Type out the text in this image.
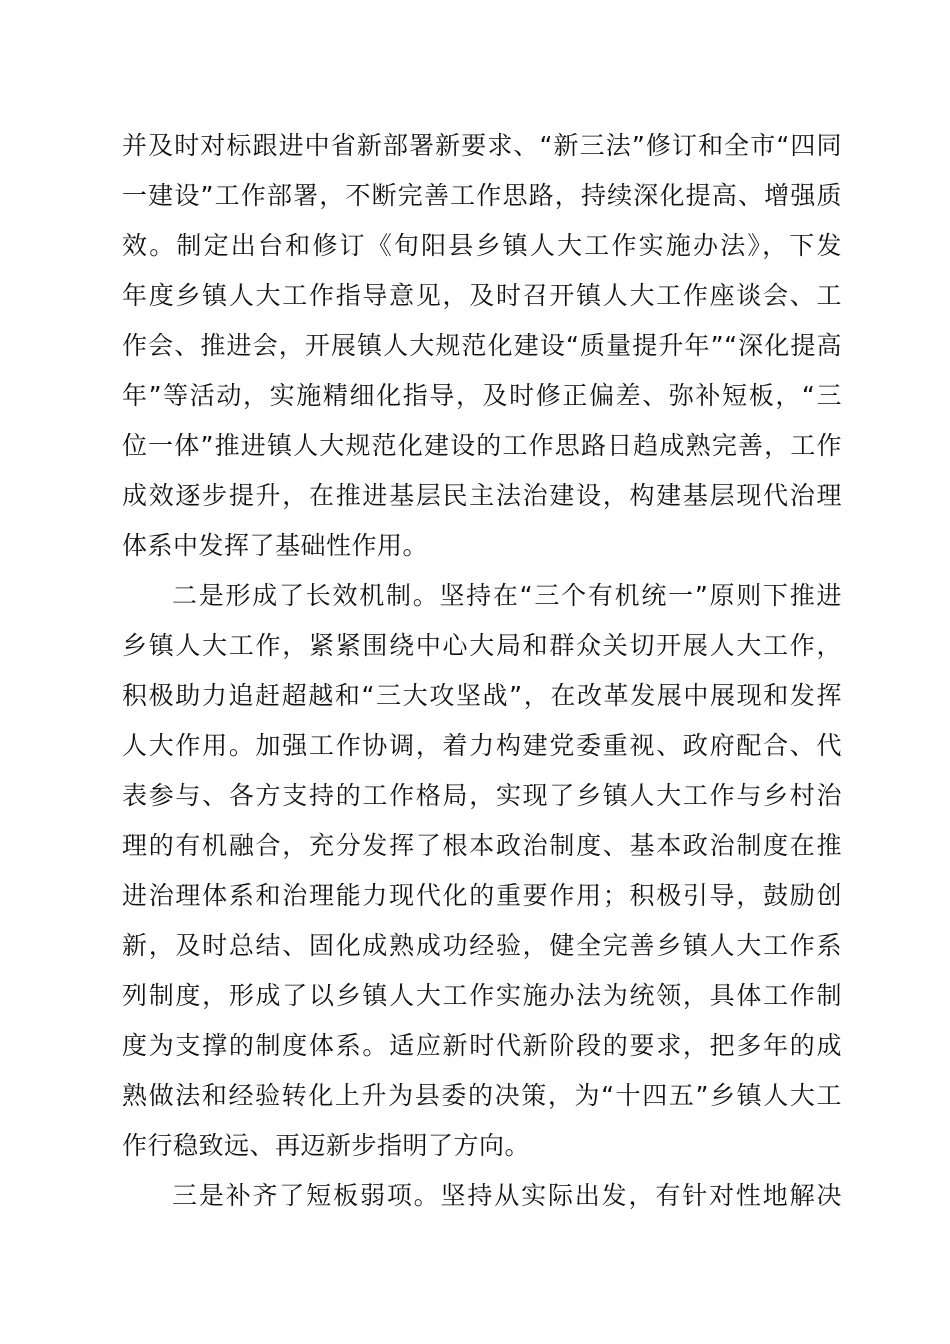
并及时对标跟进中省新部署新要求、“新三法”修订和全市“四同
一建设”工作部署，不断完善工作思路，持续深化提高、增强质
效。制定出台和修订《旬阳县乡镇人大工作实施办法》，下发
年度乡镇人大工作指导意见，及时召开镇人大工作座谈会、工
作会、推进会，开展镇人大规范化建设“质量提升年”“深化提高
年”等活动，实施精细化指导，及时修正偏差、弥补短板，“三
位一体”推进镇人大规范化建设的工作思路日趋成熟完善，工作
成效逐步提升，在推进基层民主法治建设，构建基层现代治理
体系中发挥了基础性作用。
二是形成了长效机制。坚持在“三个有机统一”原则下推进
乡镇人大工作，紧紧围绕中心大局和群众关切开展人大工作，
积极助力追赶超越和“三大攻坚战”，在改革发展中展现和发挥
人大作用。加强工作协调，着力构建党委重视、政府配合、代
表参与、各方支持的工作格局，实现了乡镇人大工作与乡村治
理的有机融合，充分发挥了根本政治制度、基本政治制度在推
进治理体系和治理能力现代化的重要作用；积极引导，鼓励创
新，及时总结、固化成熟成功经验，健全完善乡镇人大工作系
列制度，形成了以乡镇人大工作实施办法为统领，具体工作制
度为支撑的制度体系。适应新时代新阶段的要求，把多年的成
熟做法和经验转化上升为县委的决策，为“十四五”乡镇人大工
作行稳致远、再迈新步指明了方向。
三是补齐了短板弱项。坚持从实际出发，有针对性地解决
